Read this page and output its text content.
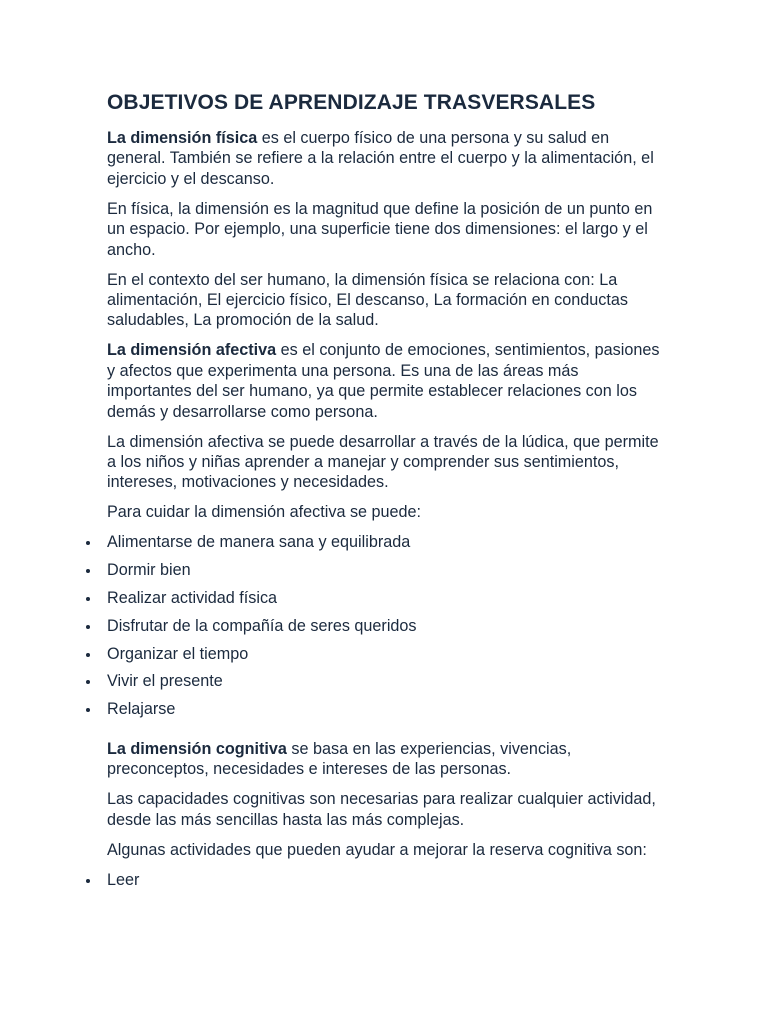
OBJETIVOS DE APRENDIZAJE TRASVERSALES

La dimensión física es el cuerpo físico de una persona y su salud en general. También se refiere a la relación entre el cuerpo y la alimentación, el ejercicio y el descanso.

En física, la dimensión es la magnitud que define la posición de un punto en un espacio. Por ejemplo, una superficie tiene dos dimensiones: el largo y el ancho.

En el contexto del ser humano, la dimensión física se relaciona con: La alimentación, El ejercicio físico, El descanso, La formación en conductas saludables, La promoción de la salud.

La dimensión afectiva es el conjunto de emociones, sentimientos, pasiones y afectos que experimenta una persona. Es una de las áreas más importantes del ser humano, ya que permite establecer relaciones con los demás y desarrollarse como persona.

La dimensión afectiva se puede desarrollar a través de la lúdica, que permite a los niños y niñas aprender a manejar y comprender sus sentimientos, intereses, motivaciones y necesidades.

Para cuidar la dimensión afectiva se puede:

Alimentarse de manera sana y equilibrada
Dormir bien
Realizar actividad física
Disfrutar de la compañía de seres queridos
Organizar el tiempo
Vivir el presente
Relajarse

La dimensión cognitiva se basa en las experiencias, vivencias, preconceptos, necesidades e intereses de las personas.

Las capacidades cognitivas son necesarias para realizar cualquier actividad, desde las más sencillas hasta las más complejas.

Algunas actividades que pueden ayudar a mejorar la reserva cognitiva son:

Leer
